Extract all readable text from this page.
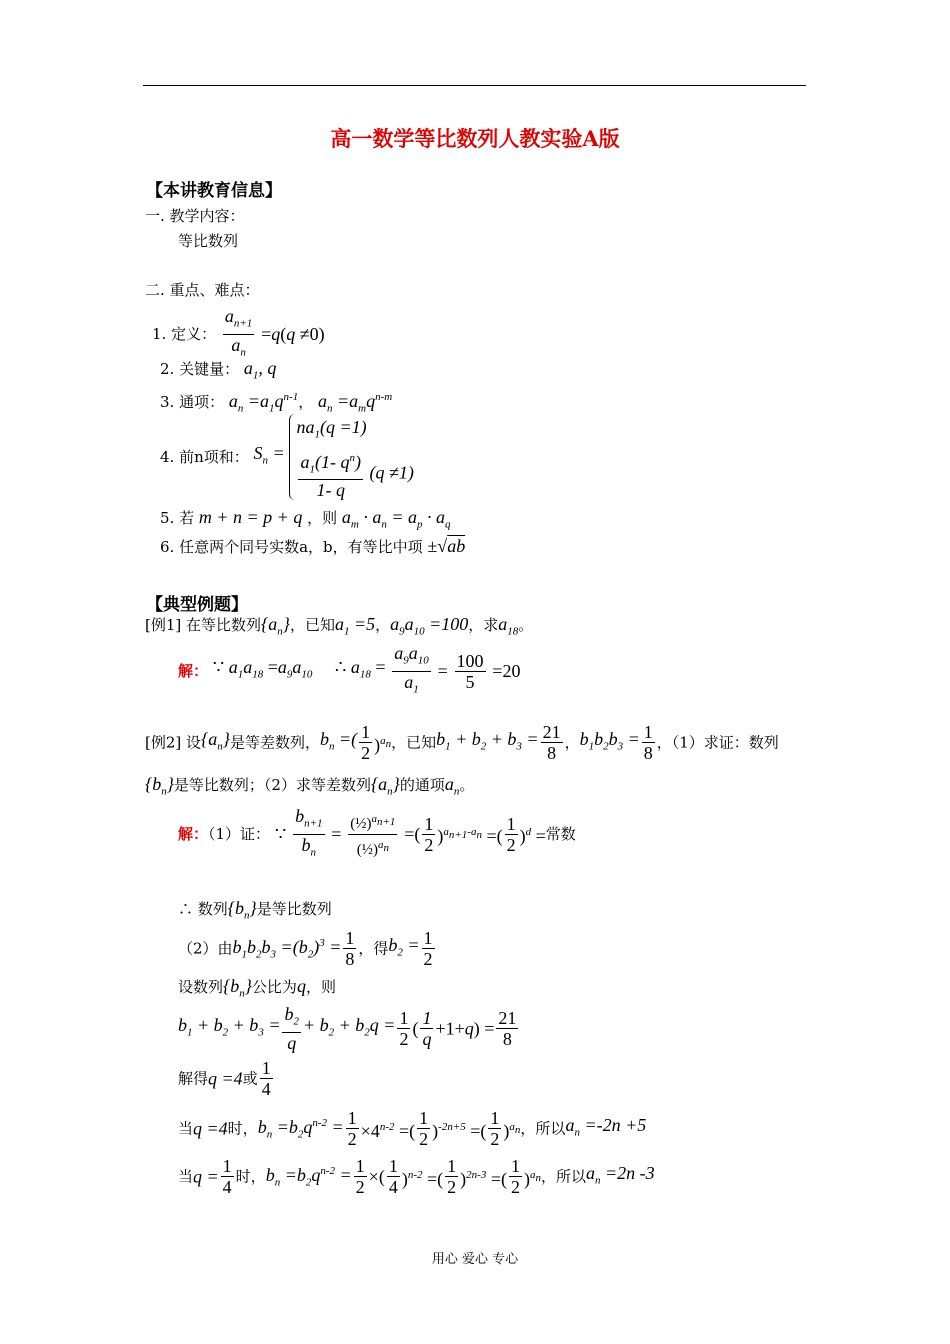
高一数学等比数列人教实验A版
【本讲教育信息】
一. 教学内容：
等比数列
二. 重点、难点：
1. 定义： $\frac{a_{n+1}}{a_n} =q(q \ne 0)$
2. 关键量： $a_1$, q
3. 通项： $a_n =a_1q^{n-1}$， $a_n =a_mq^{n-m}$
4. 前n项和： $S_n$ =
$na_1(q =1)$
$\frac{a_1(1- q^n)}{1- q} (q \ne 1)$
5. 若 m + n = p + q ，则 $a_m \cdot a_n = a_p \cdot a_q$
6. 任意两个同号实数a，b，有等比中项 ±√ab
【典型例题】
[例1] 在等比数列$\{a_n\}$，已知$a_1 =5$，$a_9a_{10} =100$，求$a_{18}$。
解： ∵ $a_1a_{18} =a_9a_{10}$     ∴ $a_{18} = \frac{a_9a_{10}}{a_1} = \frac{100}{5} =20$
[例2] 设$\{a_n\}$是等差数列，$b_n$ =( $\frac{1}{2} )^{a_n}$，已知$b_1 + b_2 + b_3 = \frac{21}{8}$ ，$b_1b_2b_3 = \frac{1}{8}$ ，（1）求证：数列
$\{b_n\}$是等比数列；（2）求等差数列$\{a_n\}$的通项$a_n$。
解：（1）证： ∵ $\frac{b_{n+1}}{b_n} = \frac{(\frac{1}{2})^{a_{n+1}}}{(\frac{1}{2})^{a_n}}$ =( $\frac{1}{2} )^{a_{n+1}-a_n}$ =( $\frac{1}{2} )^d$ =常数
∴ 数列$\{b_n\}$是等比数列
（2）由$b_1b_2b_3 =(b_2)^3 = \frac{1}{8}$ ，得$b_2 = \frac{1}{2}$
设数列$\{b_n\}$公比为q，则
$b_1 + b_2 + b_3 = \frac{b_2}{q} + b_2 + b_2q = \frac{1}{2}$ ( $\frac{1}{q} +1+q) = \frac{21}{8}$
解得q =4或 $\frac{1}{4}$
当q =4时，$b_n =b_2q^{n-2} = \frac{1}{2} \times 4^{n-2}$ =( $\frac{1}{2} )^{-2n+5}$ =( $\frac{1}{2} )^{a_n}$，所以$a_n =-2n +5$
当$q = \frac{1}{4}$ 时，$b_n =b_2q^{n-2} = \frac{1}{2}$ ×( $\frac{1}{4} )^{n-2}$ =( $\frac{1}{2} )^{2n-3}$ =( $\frac{1}{2} )^{a_n}$，所以$a_n =2n$ -3
用心 爱心 专心
